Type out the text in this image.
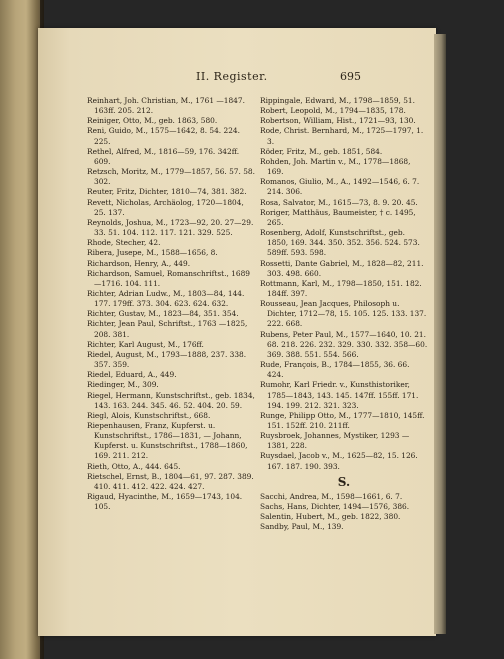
II. Register.	695

Reinhart, Joh. Christian, M., 1761 —1847. 163ff. 205. 212.

Reiniger, Otto, M., geb. 1863, 580.

Reni, Guido, M., 1575—1642, 8. 54. 224. 225.

Rethel, Alfred, M., 1816—59, 176. 342ff. 609.

Retzsch, Moritz, M., 1779—1857, 56. 57. 58. 302.

Reuter, Fritz, Dichter, 1810—74, 381. 382.

Revett, Nicholas, Archäolog, 1720—1804, 25. 137.

Reynolds, Joshua, M., 1723—92, 20. 27—29. 33. 51. 104. 112. 117. 121. 329. 525.

Rhode, Stecher, 42.

Ribera, Jusepe, M., 1588—1656, 8.

Richardson, Henry, A., 449.

Richardson, Samuel, Romanschriftst., 1689—1716. 104. 111.

Richter, Adrian Ludw., M., 1803—84, 144. 177. 179ff. 373. 304. 623. 624. 632.

Richter, Gustav, M., 1823—84, 351. 354.

Richter, Jean Paul, Schriftst., 1763 —1825, 208. 381.

Richter, Karl August, M., 176ff.

Riedel, August, M., 1793—1888, 237. 338. 357. 359.

Riedel, Eduard, A., 449.

Riedinger, M., 309.

Riegel, Hermann, Kunstschriftst., geb. 1834, 143. 163. 244. 345. 46. 52. 404. 20. 59.

Riegl, Alois, Kunstschriftst., 668.

Riepenhausen, Franz, Kupferst. u. Kunstschriftst., 1786—1831, — Johann, Kupferst. u. Kunstschriftst., 1788—1860, 169. 211. 212.

Rieth, Otto, A., 444. 645.

Rietschel, Ernst, B., 1804—61, 97. 287. 389. 410. 411. 412. 422. 424. 427.

Rigaud, Hyacinthe, M., 1659—1743, 104. 105.

Rippingale, Edward, M., 1798—1859, 51.

Robert, Leopold, M., 1794—1835, 178.

Robertson, William, Hist., 1721—93, 130.

Rode, Christ. Bernhard, M., 1725—1797, 1. 3.

Röder, Fritz, M., geb. 1851, 584.

Rohden, Joh. Martin v., M., 1778—1868, 169.

Romanos, Giulio, M., A., 1492—1546, 6. 7. 214. 306.

Rosa, Salvator, M., 1615—73, 8. 9. 20. 45.

Roriger, Matthäus, Baumeister, † c. 1495, 265.

Rosenberg, Adolf, Kunstschriftst., geb. 1850, 169. 344. 350. 352. 356. 524. 573. 589ff. 593. 598.

Rossetti, Dante Gabriel, M., 1828—82, 211. 303. 498. 660.

Rottmann, Karl, M., 1798—1850, 151. 182. 184ff. 397.

Rousseau, Jean Jacques, Philosoph u. Dichter, 1712—78, 15. 105. 125. 133. 137. 222. 668.

Rubens, Peter Paul, M., 1577—1640, 10. 21. 68. 218. 226. 232. 329. 330. 332. 358—60. 369. 388. 551. 554. 566.

Rude, François, B., 1784—1855, 36. 66. 424.

Rumohr, Karl Friedr. v., Kunsthistoriker, 1785—1843, 143. 145. 147ff. 155ff. 171. 194. 199. 212. 321. 323.

Runge, Philipp Otto, M., 1777—1810, 145ff. 151. 152ff. 210. 211ff.

Ruysbroek, Johannes, Mystiker, 1293 —1381, 228.

Ruysdael, Jacob v., M., 1625—82, 15. 126. 167. 187. 190. 393.

S.

Sacchi, Andrea, M., 1598—1661, 6. 7.

Sachs, Hans, Dichter, 1494—1576, 386.

Salentin, Hubert, M., geb. 1822, 380.

Sandby, Paul, M., 139.
